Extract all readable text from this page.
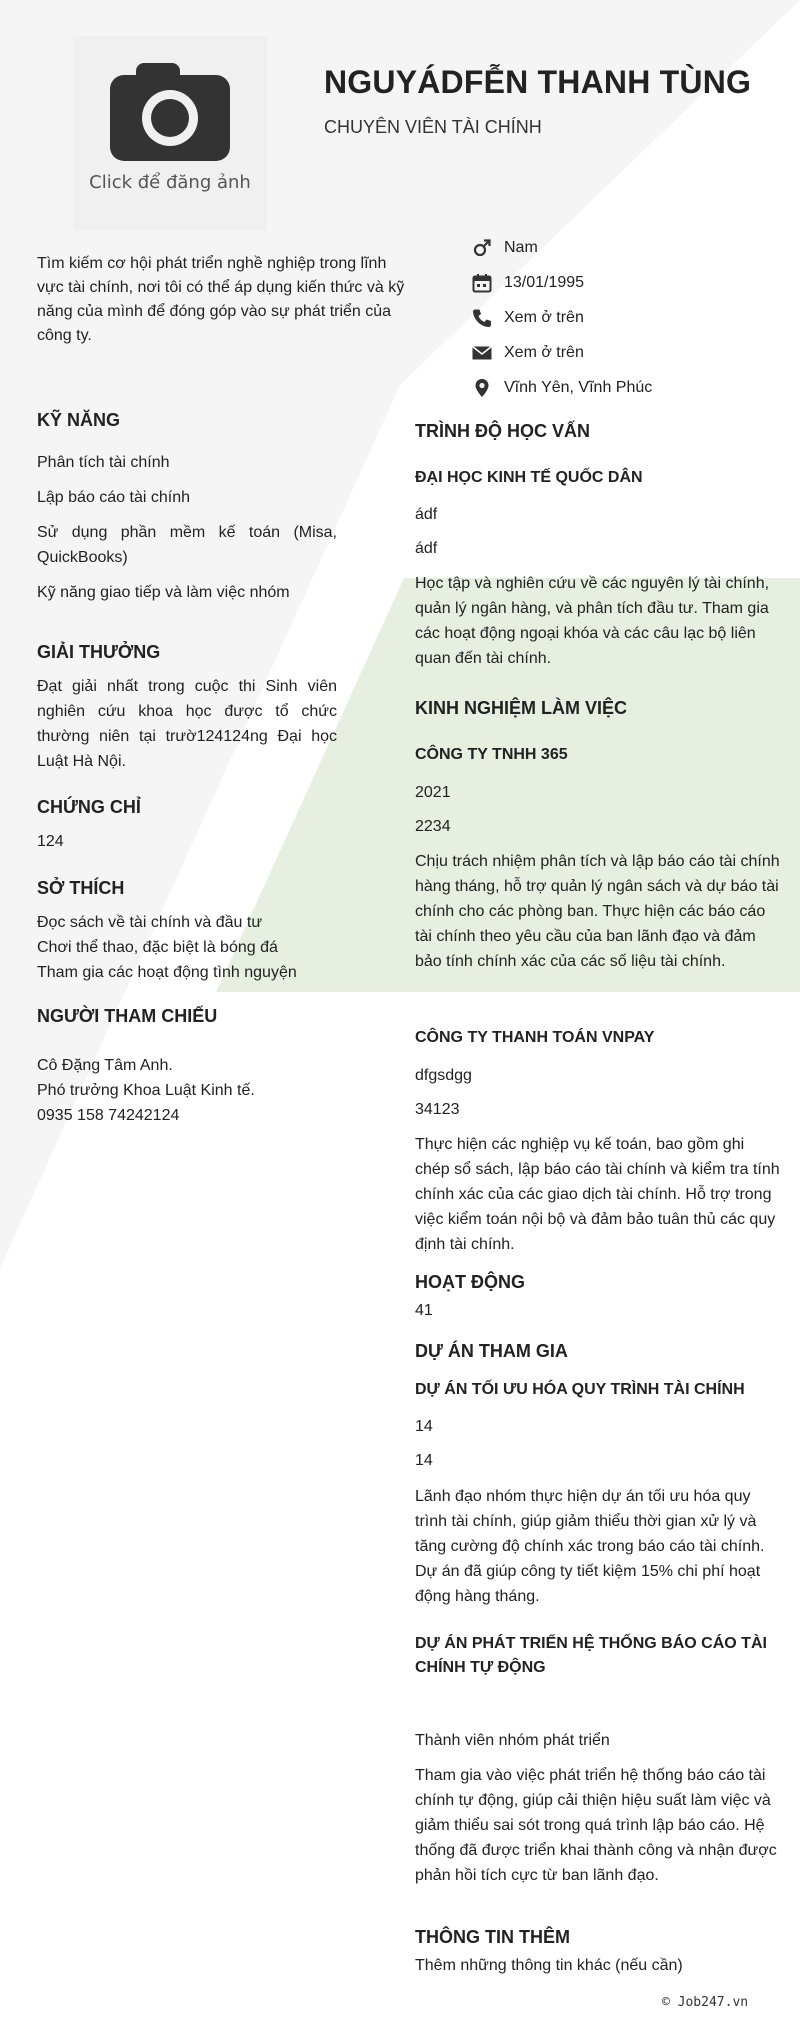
Click để đăng ảnh
NGUYÁDFỄN THANH TÙNG
CHUYÊN VIÊN TÀI CHÍNH

Tìm kiếm cơ hội phát triển nghề nghiệp trong lĩnh vực tài chính, nơi tôi có thể áp dụng kiến thức và kỹ năng của mình để đóng góp vào sự phát triển của công ty.

Nam
13/01/1995
Xem ở trên
Xem ở trên
Vĩnh Yên, Vĩnh Phúc
KỸ NĂNG
Phân tích tài chính
Lập báo cáo tài chính
Sử dụng phần mềm kế toán (Misa, QuickBooks)
Kỹ năng giao tiếp và làm việc nhóm
GIẢI THƯỞNG

Đạt giải nhất trong cuộc thi Sinh viên nghiên cứu khoa học được tổ chức thường niên tại trườ124124ng Đại học Luật Hà Nội.

CHỨNG CHỈ

124

SỞ THÍCH
Đọc sách về tài chính và đầu tư
Chơi thể thao, đặc biệt là bóng đá
Tham gia các hoạt động tình nguyện
NGƯỜI THAM CHIẾU
Cô Đặng Tâm Anh.
Phó trưởng Khoa Luật Kinh tế.
0935 158 74242124
TRÌNH ĐỘ HỌC VẤN
ĐẠI HỌC KINH TẾ QUỐC DÂN

ádf

ádf

Học tập và nghiên cứu về các nguyên lý tài chính, quản lý ngân hàng, và phân tích đầu tư. Tham gia các hoạt động ngoại khóa và các câu lạc bộ liên quan đến tài chính.

KINH NGHIỆM LÀM VIỆC
CÔNG TY TNHH 365

2021

2234

Chịu trách nhiệm phân tích và lập báo cáo tài chính hàng tháng, hỗ trợ quản lý ngân sách và dự báo tài chính cho các phòng ban. Thực hiện các báo cáo tài chính theo yêu cầu của ban lãnh đạo và đảm bảo tính chính xác của các số liệu tài chính.

CÔNG TY THANH TOÁN VNPAY

dfgsdgg

34123

Thực hiện các nghiệp vụ kế toán, bao gồm ghi chép sổ sách, lập báo cáo tài chính và kiểm tra tính chính xác của các giao dịch tài chính. Hỗ trợ trong việc kiểm toán nội bộ và đảm bảo tuân thủ các quy định tài chính.

HOẠT ĐỘNG

41

DỰ ÁN THAM GIA
DỰ ÁN TỐI ƯU HÓA QUY TRÌNH TÀI CHÍNH

14

14

Lãnh đạo nhóm thực hiện dự án tối ưu hóa quy trình tài chính, giúp giảm thiểu thời gian xử lý và tăng cường độ chính xác trong báo cáo tài chính. Dự án đã giúp công ty tiết kiệm 15% chi phí hoạt động hàng tháng.

DỰ ÁN PHÁT TRIỂN HỆ THỐNG BÁO CÁO TÀI CHÍNH TỰ ĐỘNG

Thành viên nhóm phát triển

Tham gia vào việc phát triển hệ thống báo cáo tài chính tự động, giúp cải thiện hiệu suất làm việc và giảm thiểu sai sót trong quá trình lập báo cáo. Hệ thống đã được triển khai thành công và nhận được phản hồi tích cực từ ban lãnh đạo.

THÔNG TIN THÊM

Thêm những thông tin khác (nếu cần)

© Job247.vn
